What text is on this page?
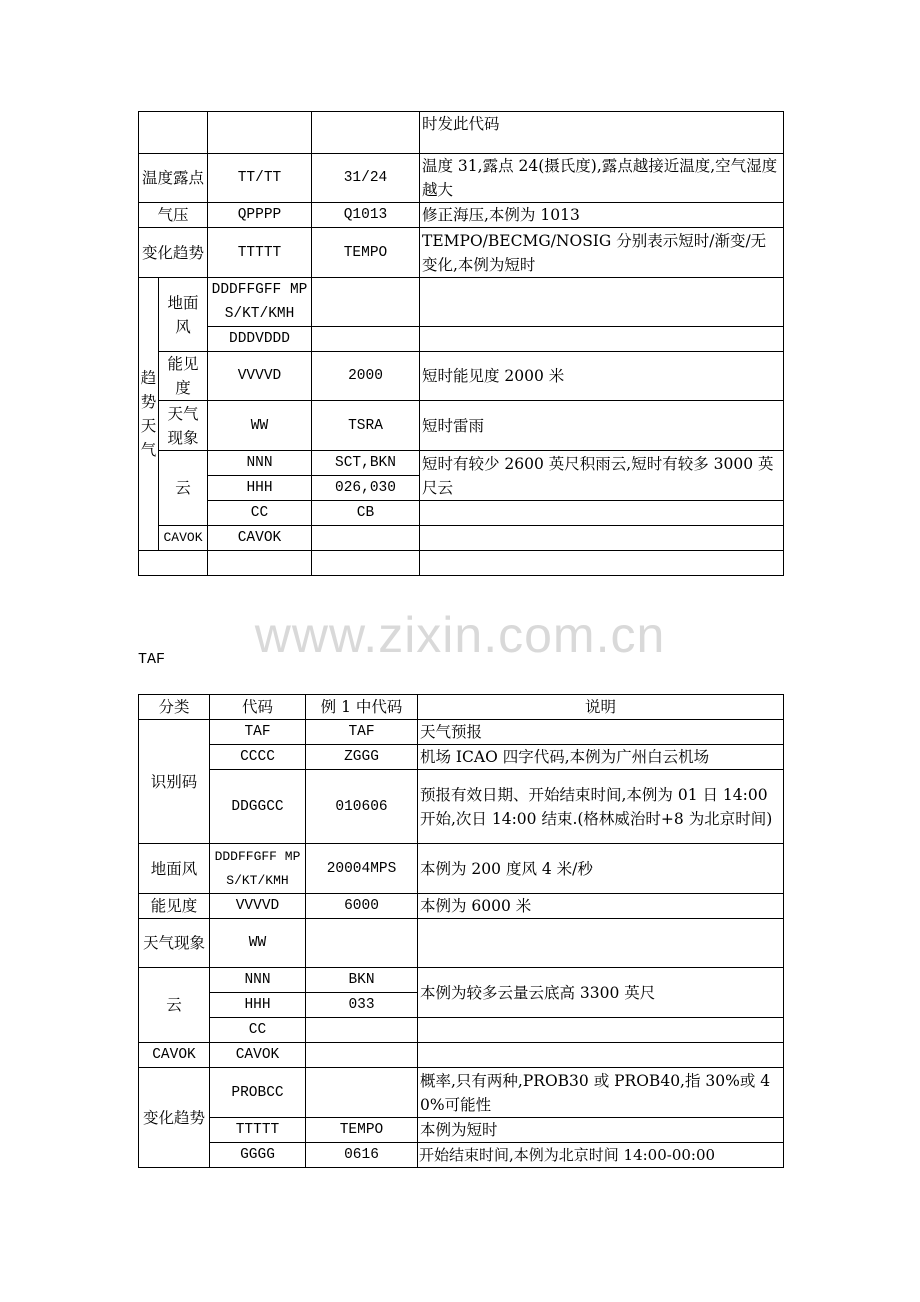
				时发此代码
温度露点		TT/TT	31/24	温度 31,露点 24(摄氏度),露点越接近温度,空气湿度越大
气压		QPPPP	Q1013	修正海压,本例为 1013
变化趋势		TTTTT	TEMPO	TEMPO/BECMG/NOSIG 分别表示短时/渐变/无变化,本例为短时
趋势天气	地面风	DDDFFGFF MPS/KT/KMH		
		DDDVDDD		
	能见度	VVVVD	2000	短时能见度 2000 米
	天气现象	WW	TSRA	短时雷雨
	云	NNN	SCT,BKN	短时有较少 2600 英尺积雨云,短时有较多 3000 英尺云
		HHH	026,030	
		CC	CB	
	CAVOK	CAVOK		

www.zixin.com.cn
TAF
分类	代码	例 1 中代码	说明
识别码	TAF	TAF	天气预报
	CCCC	ZGGG	机场 ICAO 四字代码,本例为广州白云机场
	DDGGCC	010606	预报有效日期、开始结束时间,本例为 01 日 14:00 开始,次日 14:00 结束.(格林威治时+8 为北京时间)
地面风	DDDFFGFF MPS/KT/KMH	20004MPS	本例为 200 度风 4 米/秒
能见度	VVVVD	6000	本例为 6000 米
天气现象	WW		
云	NNN	BKN	本例为较多云量云底高 3300 英尺
	HHH	033	
	CC		
CAVOK	CAVOK		
变化趋势	PROBCC		概率,只有两种,PROB30 或 PROB40,指 30%或 40%可能性
	TTTTT	TEMPO	本例为短时
	GGGG	0616	开始结束时间,本例为北京时间 14:00-00:00
